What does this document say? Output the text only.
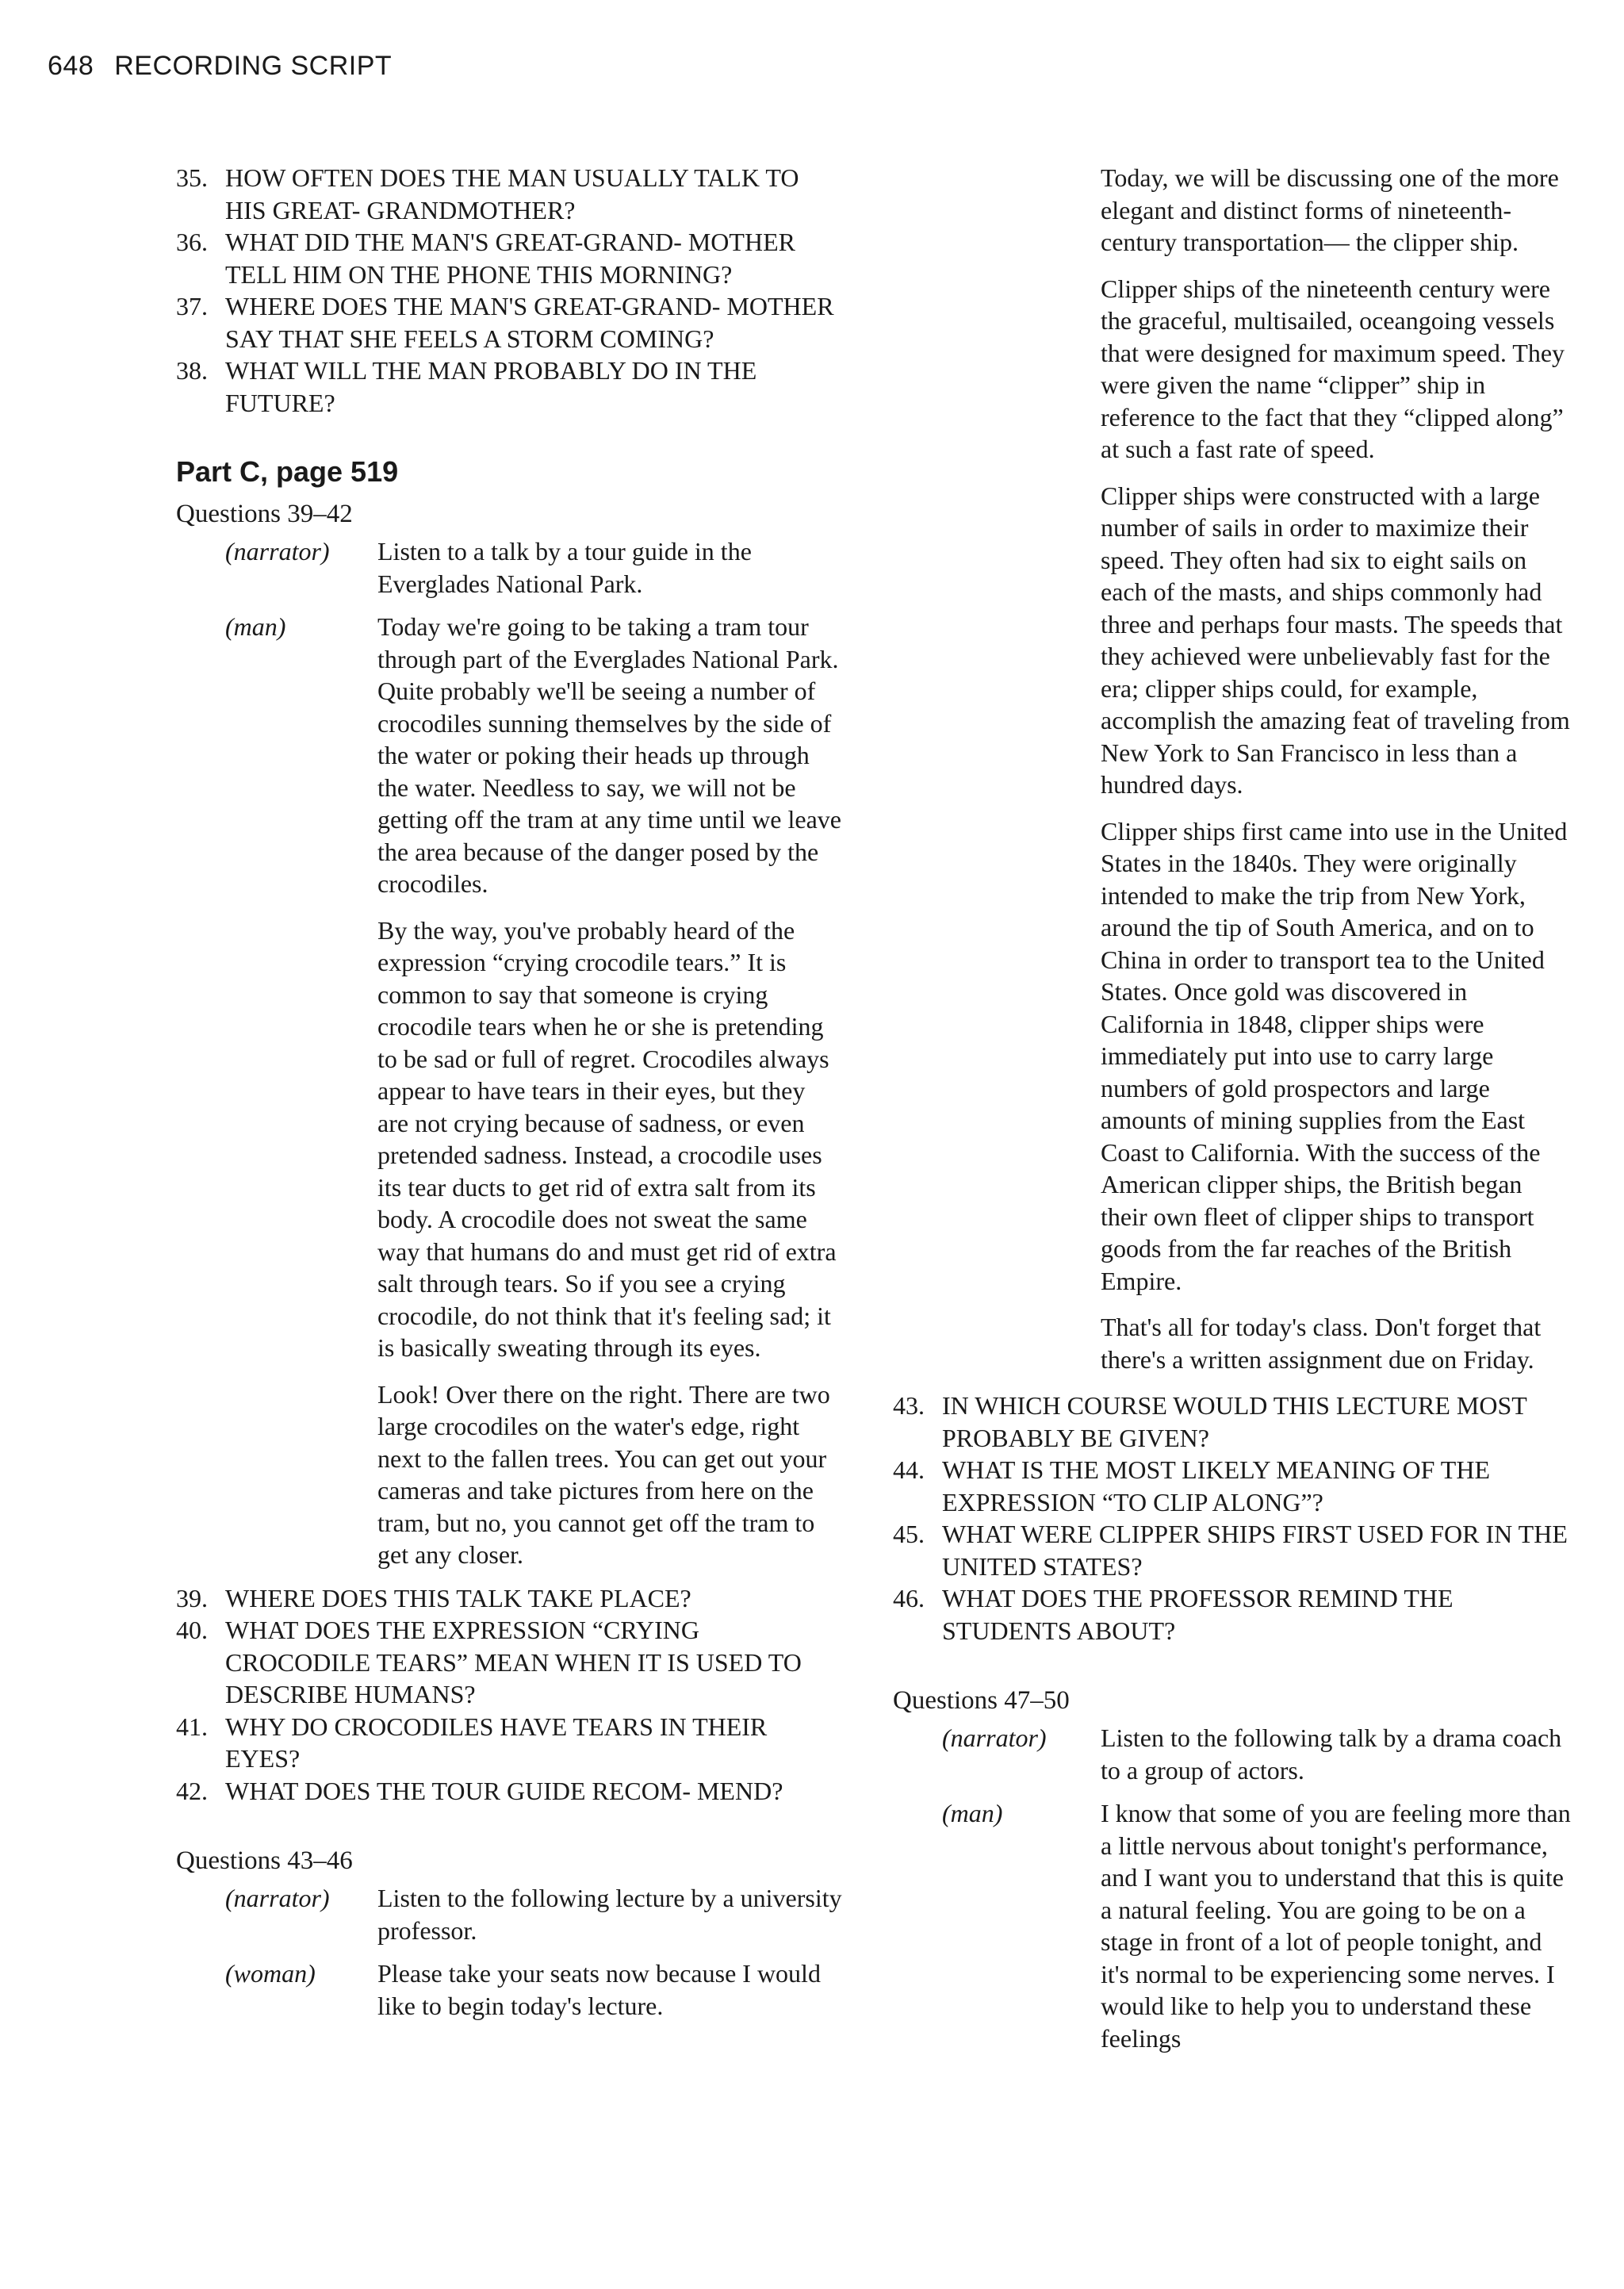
648 RECORDING SCRIPT
35. HOW OFTEN DOES THE MAN USUALLY TALK TO HIS GREAT- GRANDMOTHER?
36. WHAT DID THE MAN'S GREAT-GRAND- MOTHER TELL HIM ON THE PHONE THIS MORNING?
37. WHERE DOES THE MAN'S GREAT-GRAND- MOTHER SAY THAT SHE FEELS A STORM COMING?
38. WHAT WILL THE MAN PROBABLY DO IN THE FUTURE?
Part C, page 519
Questions 39–42
(narrator)	Listen to a talk by a tour guide in the Everglades National Park.
(man)	Today we're going to be taking a tram tour through part of the Everglades National Park. Quite probably we'll be seeing a number of crocodiles sunning themselves by the side of the water or poking their heads up through the water. Needless to say, we will not be getting off the tram at any time until we leave the area because of the danger posed by the crocodiles.

By the way, you've probably heard of the expression “crying crocodile tears.” It is common to say that someone is crying crocodile tears when he or she is pretending to be sad or full of regret. Crocodiles always appear to have tears in their eyes, but they are not crying because of sadness, or even pretended sadness. Instead, a crocodile uses its tear ducts to get rid of extra salt from its body. A crocodile does not sweat the same way that humans do and must get rid of extra salt through tears. So if you see a crying crocodile, do not think that it's feeling sad; it is basically sweating through its eyes.

Look! Over there on the right. There are two large crocodiles on the water's edge, right next to the fallen trees. You can get out your cameras and take pictures from here on the tram, but no, you cannot get off the tram to get any closer.

39. WHERE DOES THIS TALK TAKE PLACE?
40. WHAT DOES THE EXPRESSION “CRYING CROCODILE TEARS” MEAN WHEN IT IS USED TO DESCRIBE HUMANS?
41. WHY DO CROCODILES HAVE TEARS IN THEIR EYES?
42. WHAT DOES THE TOUR GUIDE RECOM- MEND?
Questions 43–46
(narrator)	Listen to the following lecture by a university professor.
(woman)	Please take your seats now because I would like to begin today's lecture.

Today, we will be discussing one of the more elegant and distinct forms of nineteenth-century transportation— the clipper ship.

Clipper ships of the nineteenth century were the graceful, multisailed, oceangoing vessels that were designed for maximum speed. They were given the name “clipper” ship in reference to the fact that they “clipped along” at such a fast rate of speed.

Clipper ships were constructed with a large number of sails in order to maximize their speed. They often had six to eight sails on each of the masts, and ships commonly had three and perhaps four masts. The speeds that they achieved were unbelievably fast for the era; clipper ships could, for example, accomplish the amazing feat of traveling from New York to San Francisco in less than a hundred days.

Clipper ships first came into use in the United States in the 1840s. They were originally intended to make the trip from New York, around the tip of South America, and on to China in order to transport tea to the United States. Once gold was discovered in California in 1848, clipper ships were immediately put into use to carry large numbers of gold prospectors and large amounts of mining supplies from the East Coast to California. With the success of the American clipper ships, the British began their own fleet of clipper ships to transport goods from the far reaches of the British Empire.

That's all for today's class. Don't forget that there's a written assignment due on Friday.

43. IN WHICH COURSE WOULD THIS LECTURE MOST PROBABLY BE GIVEN?
44. WHAT IS THE MOST LIKELY MEANING OF THE EXPRESSION “TO CLIP ALONG”?
45. WHAT WERE CLIPPER SHIPS FIRST USED FOR IN THE UNITED STATES?
46. WHAT DOES THE PROFESSOR REMIND THE STUDENTS ABOUT?
Questions 47–50
(narrator)	Listen to the following talk by a drama coach to a group of actors.
(man)	I know that some of you are feeling more than a little nervous about tonight's performance, and I want you to understand that this is quite a natural feeling. You are going to be on a stage in front of a lot of people tonight, and it's normal to be experiencing some nerves. I would like to help you to understand these feelings
